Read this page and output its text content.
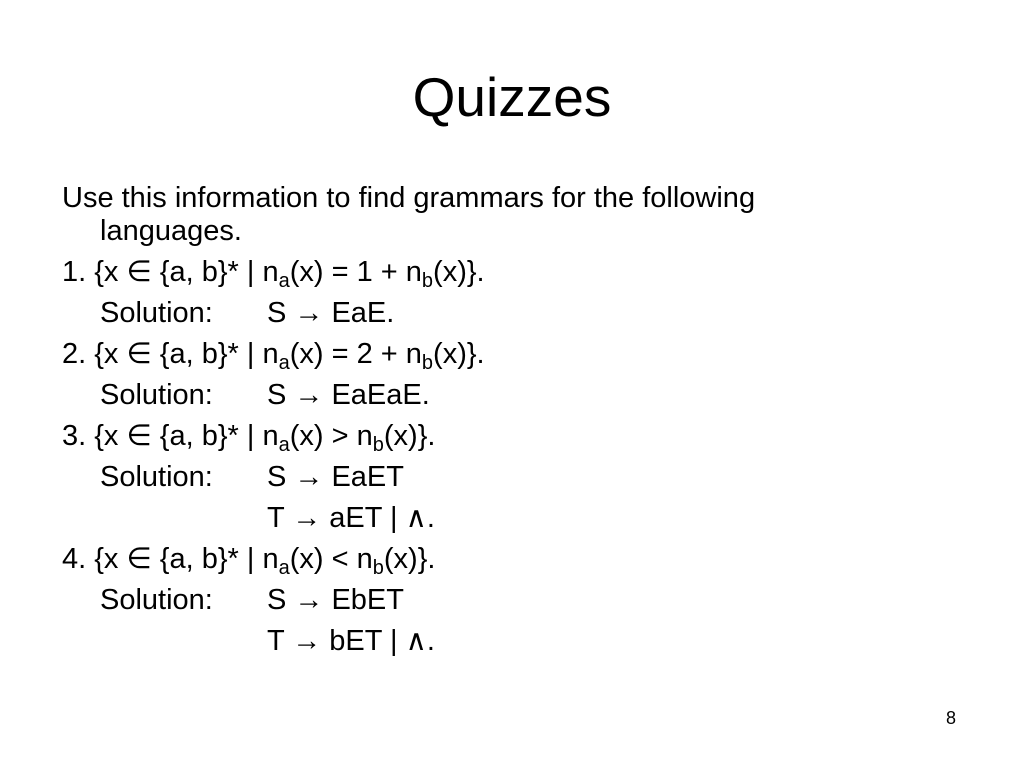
Quizzes
Use this information to find grammars for the following
languages.
1. {x ∈ {a, b}* | $n_a(x) = 1 + n_b(x)$}.
Solution: S → EaE.
2. {x ∈ {a, b}* | $n_a(x) = 2 + n_b(x)$}.
Solution: S → EaEaE.
3. {x ∈ {a, b}* | $n_a(x) > n_b(x)$}.
Solution: S → EaET
T → aET | ∧.
4. {x ∈ {a, b}* | $n_a(x) < n_b(x)$}.
Solution: S → EbET
T → bET | ∧.
8
